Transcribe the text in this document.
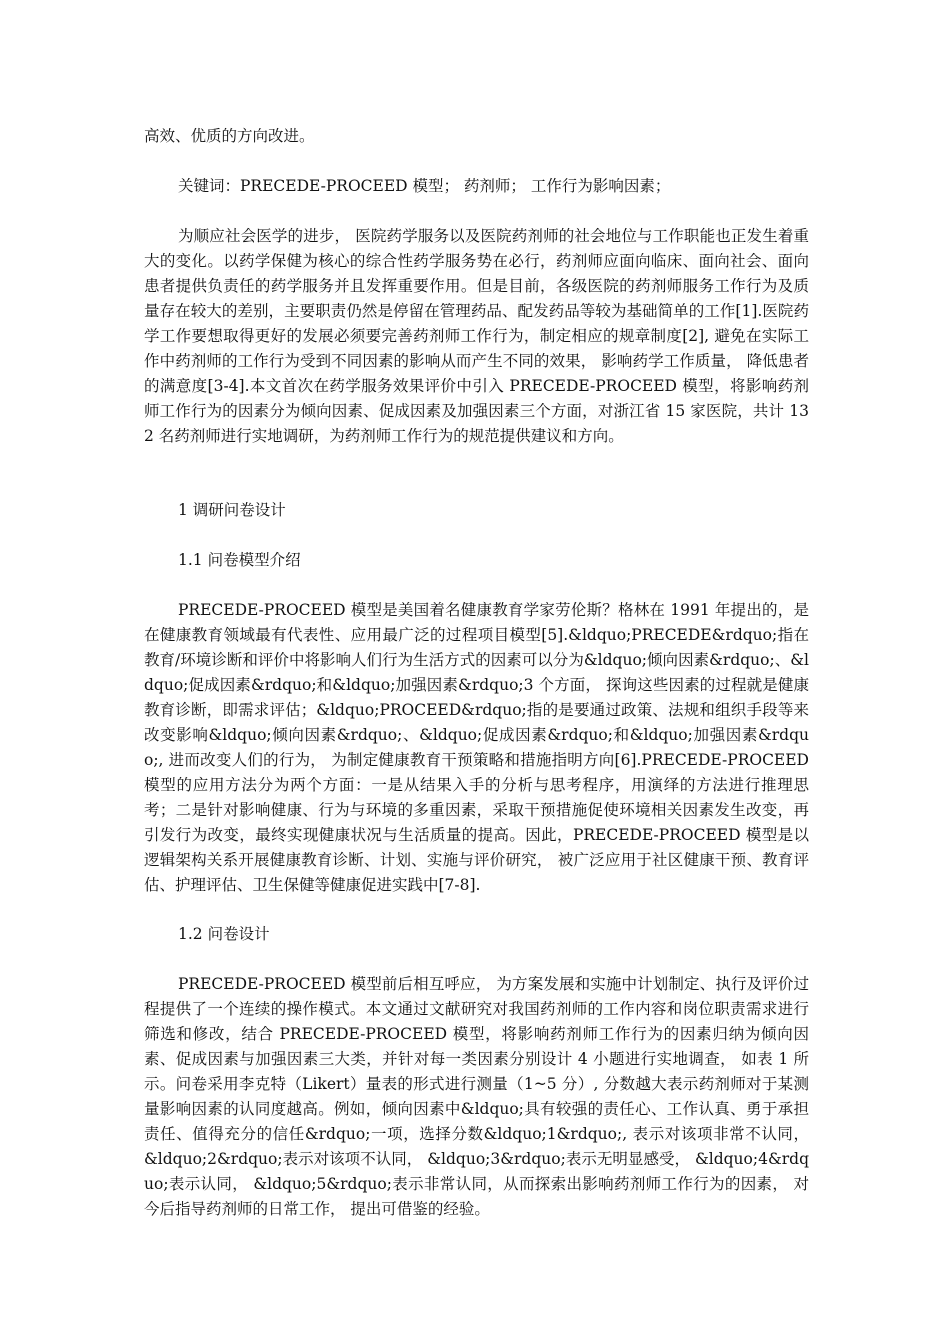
高效、优质的方向改进。

关键词：PRECEDE-PROCEED 模型； 药剂师； 工作行为影响因素；

为顺应社会医学的进步， 医院药学服务以及医院药剂师的社会地位与工作职能也正发生着重大的变化。以药学保健为核心的综合性药学服务势在必行，药剂师应面向临床、面向社会、面向患者提供负责任的药学服务并且发挥重要作用。但是目前，各级医院的药剂师服务工作行为及质量存在较大的差别，主要职责仍然是停留在管理药品、配发药品等较为基础简单的工作[1].医院药学工作要想取得更好的发展必须要完善药剂师工作行为，制定相应的规章制度[2], 避免在实际工作中药剂师的工作行为受到不同因素的影响从而产生不同的效果， 影响药学工作质量， 降低患者的满意度[3-4].本文首次在药学服务效果评价中引入 PRECEDE-PROCEED 模型，将影响药剂师工作行为的因素分为倾向因素、促成因素及加强因素三个方面，对浙江省 15 家医院，共计 132 名药剂师进行实地调研，为药剂师工作行为的规范提供建议和方向。

1 调研问卷设计

1.1 问卷模型介绍

PRECEDE-PROCEED 模型是美国着名健康教育学家劳伦斯？格林在 1991 年提出的，是在健康教育领域最有代表性、应用最广泛的过程项目模型[5].&ldquo;PRECEDE&rdquo;指在教育/环境诊断和评价中将影响人们行为生活方式的因素可以分为&ldquo;倾向因素&rdquo;、&ldquo;促成因素&rdquo;和&ldquo;加强因素&rdquo;3 个方面， 探询这些因素的过程就是健康教育诊断，即需求评估；&ldquo;PROCEED&rdquo;指的是要通过政策、法规和组织手段等来改变影响&ldquo;倾向因素&rdquo;、&ldquo;促成因素&rdquo;和&ldquo;加强因素&rdquo;, 进而改变人们的行为， 为制定健康教育干预策略和措施指明方向[6].PRECEDE-PROCEED 模型的应用方法分为两个方面：一是从结果入手的分析与思考程序，用演绎的方法进行推理思考；二是针对影响健康、行为与环境的多重因素，采取干预措施促使环境相关因素发生改变，再引发行为改变，最终实现健康状况与生活质量的提高。因此，PRECEDE-PROCEED 模型是以逻辑架构关系开展健康教育诊断、计划、实施与评价研究， 被广泛应用于社区健康干预、教育评估、护理评估、卫生保健等健康促进实践中[7-8].

1.2 问卷设计

PRECEDE-PROCEED 模型前后相互呼应， 为方案发展和实施中计划制定、执行及评价过程提供了一个连续的操作模式。本文通过文献研究对我国药剂师的工作内容和岗位职责需求进行筛选和修改，结合 PRECEDE-PROCEED 模型，将影响药剂师工作行为的因素归纳为倾向因素、促成因素与加强因素三大类，并针对每一类因素分别设计 4 小题进行实地调查， 如表 1 所示。问卷采用李克特（Likert）量表的形式进行测量（1~5 分）, 分数越大表示药剂师对于某测量影响因素的认同度越高。例如，倾向因素中&ldquo;具有较强的责任心、工作认真、勇于承担责任、值得充分的信任&rdquo;一项，选择分数&ldquo;1&rdquo;, 表示对该项非常不认同， &ldquo;2&rdquo;表示对该项不认同， &ldquo;3&rdquo;表示无明显感受， &ldquo;4&rdquo;表示认同， &ldquo;5&rdquo;表示非常认同，从而探索出影响药剂师工作行为的因素， 对今后指导药剂师的日常工作， 提出可借鉴的经验。
